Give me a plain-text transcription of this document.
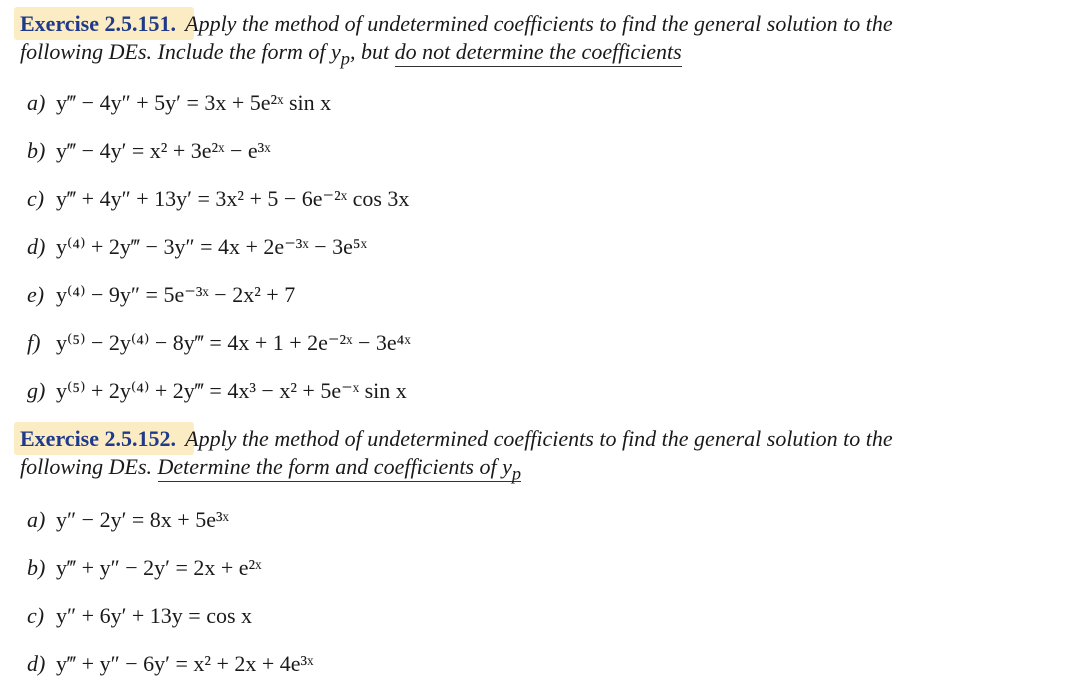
Exercise 2.5.151. Apply the method of undetermined coefficients to find the general solution to the
following DEs. Include the form of $y_p$, but do not determine the coefficients
a) y‴ − 4y″ + 5y′ = 3x + 5e²ˣ sin x
b) y‴ − 4y′ = x² + 3e²ˣ − e³ˣ
c) y‴ + 4y″ + 13y′ = 3x² + 5 − 6e⁻²ˣ cos 3x
d) y⁽⁴⁾ + 2y‴ − 3y″ = 4x + 2e⁻³ˣ − 3e⁵ˣ
e) y⁽⁴⁾ − 9y″ = 5e⁻³ˣ − 2x² + 7
f) y⁽⁵⁾ − 2y⁽⁴⁾ − 8y‴ = 4x + 1 + 2e⁻²ˣ − 3e⁴ˣ
g) y⁽⁵⁾ + 2y⁽⁴⁾ + 2y‴ = 4x³ − x² + 5e⁻ˣ sin x
Exercise 2.5.152. Apply the method of undetermined coefficients to find the general solution to the
following DEs. Determine the form and coefficients of $y_p$
a) y″ − 2y′ = 8x + 5e³ˣ
b) y‴ + y″ − 2y′ = 2x + e²ˣ
c) y″ + 6y′ + 13y = cos x
d) y‴ + y″ − 6y′ = x² + 2x + 4e³ˣ
